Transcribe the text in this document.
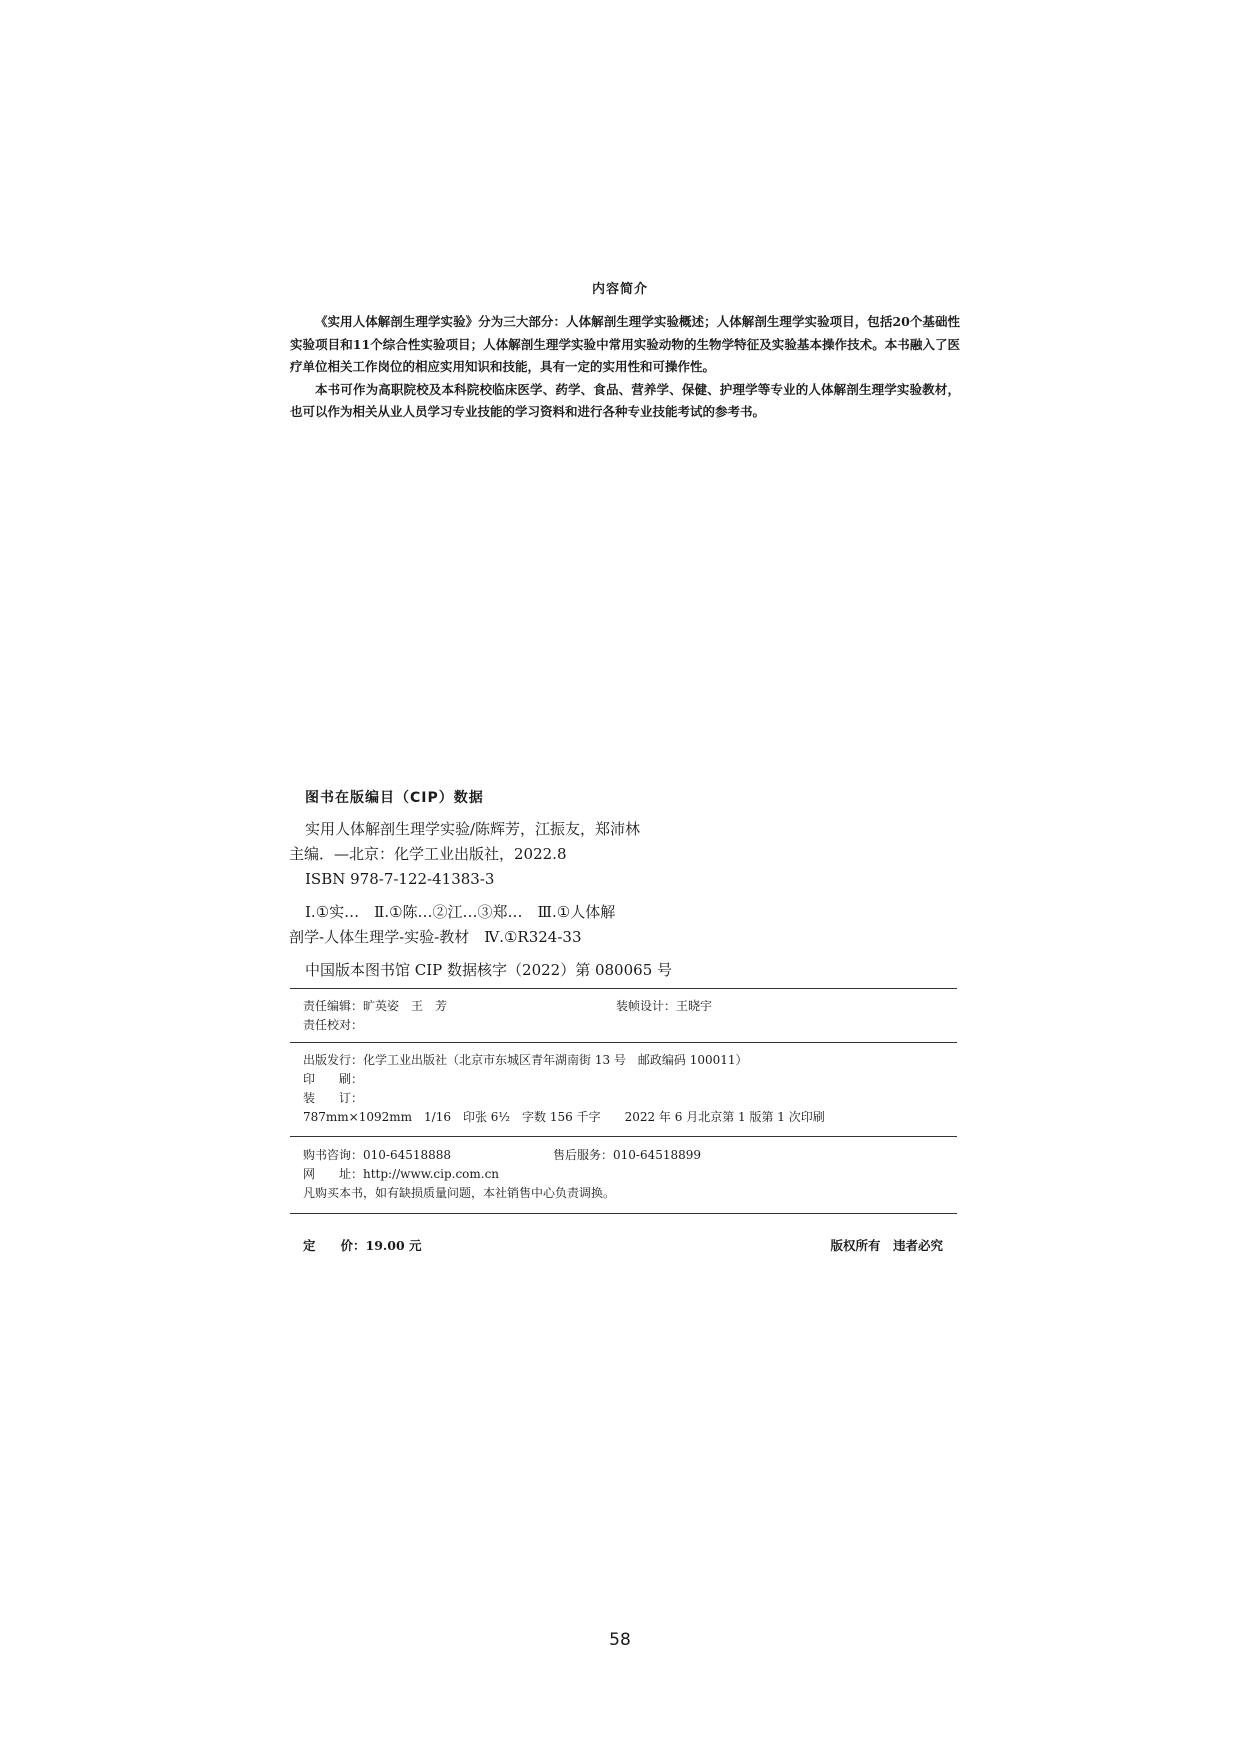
内容简介

《实用人体解剖生理学实验》分为三大部分：人体解剖生理学实验概述；人体解剖生理学实验项目，包括20个基础性实验项目和11个综合性实验项目；人体解剖生理学实验中常用实验动物的生物学特征及实验基本操作技术。本书融入了医疗单位相关工作岗位的相应实用知识和技能，具有一定的实用性和可操作性。

本书可作为高职院校及本科院校临床医学、药学、食品、营养学、保健、护理学等专业的人体解剖生理学实验教材，也可以作为相关从业人员学习专业技能的学习资料和进行各种专业技能考试的参考书。

图书在版编目（CIP）数据
实用人体解剖生理学实验/陈辉芳，江振友，郑沛林
主编．—北京：化学工业出版社，2022.8
ISBN 978-7-122-41383-3
Ⅰ.①实…　Ⅱ.①陈…②江…③郑…　Ⅲ.①人体解
剖学-人体生理学-实验-教材　Ⅳ.①R324-33
中国版本图书馆 CIP 数据核字（2022）第 080065 号
责任编辑：旷英姿　王　芳	装帧设计：王晓宇
责任校对：
出版发行：化学工业出版社（北京市东城区青年湖南街 13 号　邮政编码 100011）
印　　刷：
装　　订：
787mm×1092mm　1/16　印张 6½　字数 156 千字　　2022 年 6 月北京第 1 版第 1 次印刷
购书咨询：010-64518888	售后服务：010-64518899
网　　址：http://www.cip.com.cn
凡购买本书，如有缺损质量问题，本社销售中心负责调换。
定　　价：19.00 元	版权所有　违者必究
58
